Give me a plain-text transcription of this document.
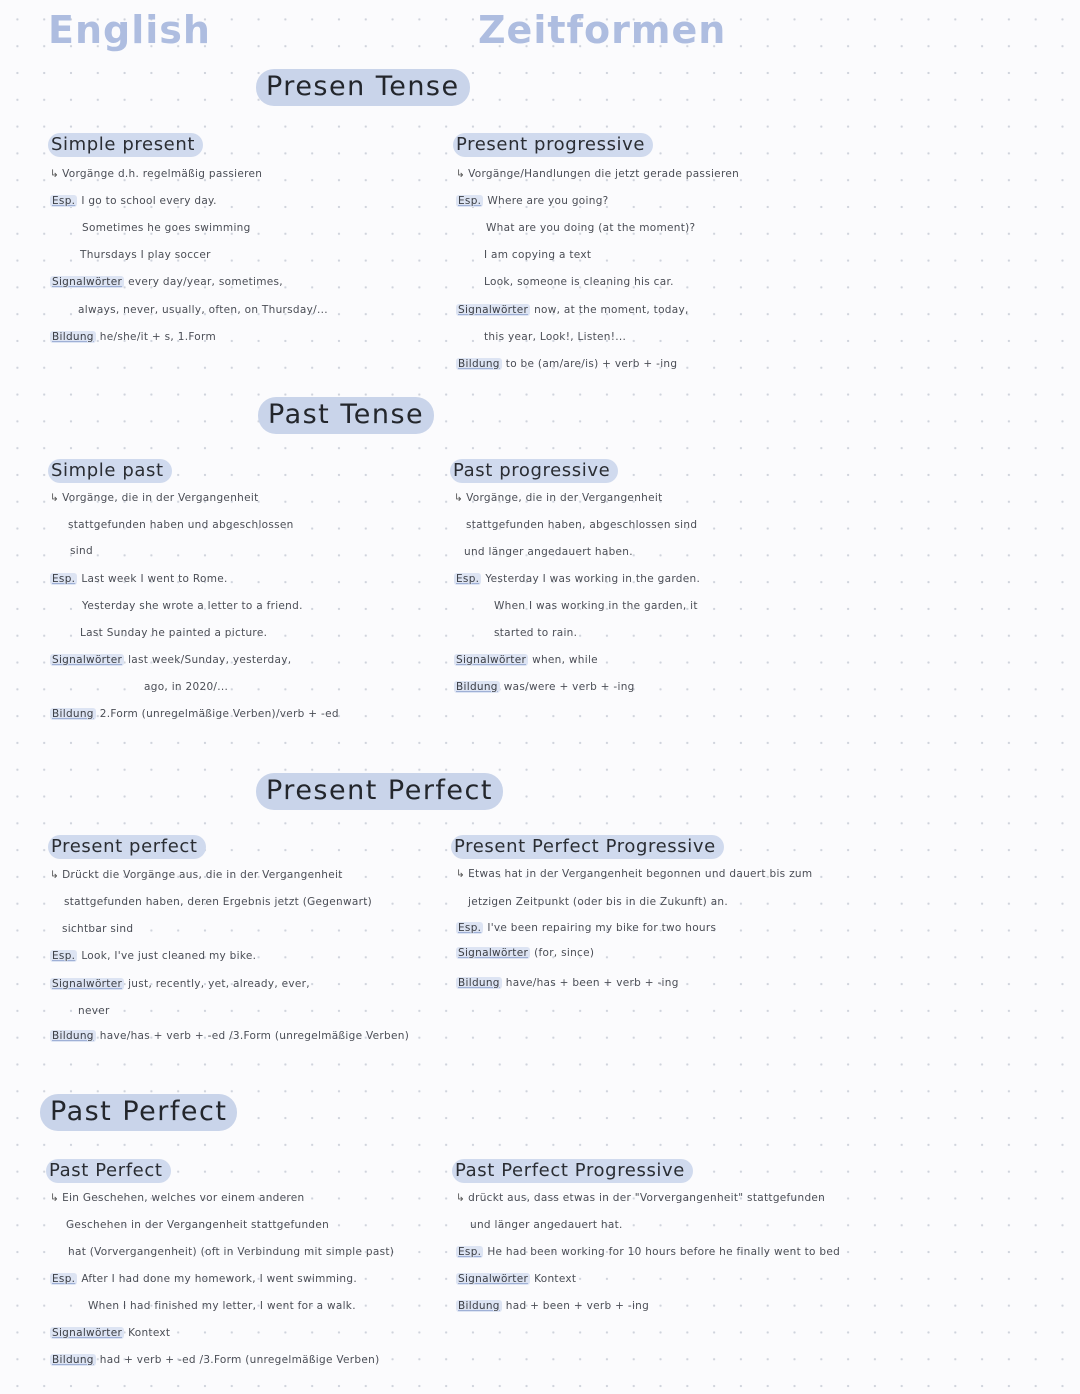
English	Zeitformen
Presen Tense
Past Tense
Present Perfect
Past Perfect
Simple present
↳ Vorgänge d.h. regelmäßig passieren
Esp. I go to school every day.
Sometimes he goes swimming
Thursdays I play soccer
Signalwörter every day/year, sometimes,
always, never, usually, often, on Thursday/...
Bildung he/she/it + s, 1.Form
Present progressive
↳ Vorgänge/Handlungen die jetzt gerade passieren
Esp. Where are you going?
What are you doing (at the moment)?
I am copying a text
Look, someone is cleaning his car.
Signalwörter now, at the moment, today,
this year, Look!, Listen!...
Bildung to be (am/are/is) + verb + -ing
Simple past
↳ Vorgänge, die in der Vergangenheit
stattgefunden haben und abgeschlossen
sind
Esp. Last week I went to Rome.
Yesterday she wrote a letter to a friend.
Last Sunday he painted a picture.
Signalwörter last week/Sunday, yesterday,
ago, in 2020/...
Bildung 2.Form (unregelmäßige Verben)/verb + -ed
Past progressive
↳ Vorgänge, die in der Vergangenheit
stattgefunden haben, abgeschlossen sind
und länger angedauert haben.
Esp. Yesterday I was working in the garden.
When I was working in the garden, it
started to rain.
Signalwörter when, while
Bildung was/were + verb + -ing
Present perfect
↳ Drückt die Vorgänge aus, die in der Vergangenheit
stattgefunden haben, deren Ergebnis jetzt (Gegenwart)
sichtbar sind
Esp. Look, I've just cleaned my bike.
Signalwörter just, recently, yet, already, ever,
never
Bildung have/has + verb + -ed /3.Form (unregelmäßige Verben)
Present Perfect Progressive
↳ Etwas hat in der Vergangenheit begonnen und dauert bis zum
jetzigen Zeitpunkt (oder bis in die Zukunft) an.
Esp. I've been repairing my bike for two hours
Signalwörter (for, since)
Bildung have/has + been + verb + -ing
Past Perfect
↳ Ein Geschehen, welches vor einem anderen
Geschehen in der Vergangenheit stattgefunden
hat (Vorvergangenheit) (oft in Verbindung mit simple past)
Esp. After I had done my homework, I went swimming.
When I had finished my letter, I went for a walk.
Signalwörter Kontext
Bildung had + verb + -ed /3.Form (unregelmäßige Verben)
Past Perfect Progressive
↳ drückt aus, dass etwas in der "Vorvergangenheit" stattgefunden
und länger angedauert hat.
Esp. He had been working for 10 hours before he finally went to bed
Signalwörter Kontext
Bildung had + been + verb + -ing
